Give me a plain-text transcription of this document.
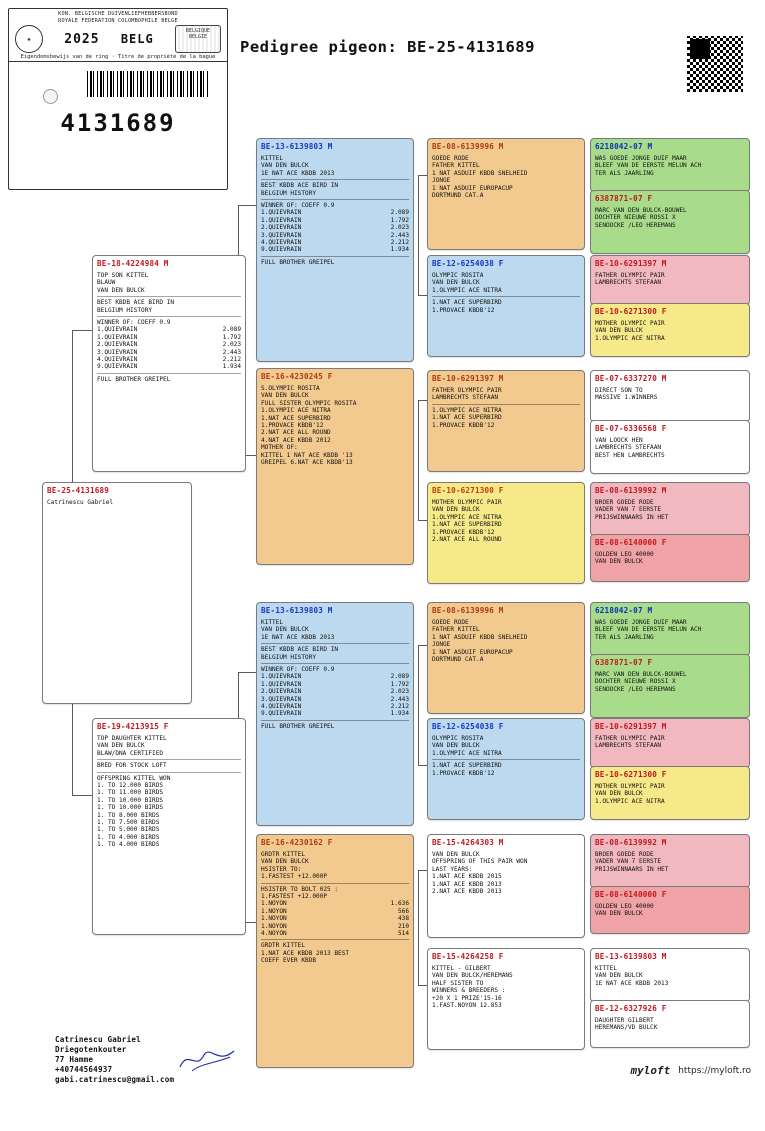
KON. BELGISCHE DUIVENLIEFHEBBERSBOND
ROYALE FEDERATION COLOMBOPHILE BELGE
★	2025 BELG
BELGIQUE
BELGIE
Eigendomsbewijs van de ring · Titre de propriété de la bague
4131689
Pedigree pigeon: BE-25-4131689
BE-25-4131689
Catrinescu Gabriel
BE-18-4224984 M
TOP SON KITTEL
BLAUW
VAN DEN BULCK
BEST KBDB ACE BIRD IN
BELGIUM HISTORY
WINNER OF: COEFF 0.9
1.QUIEVRAIN	2.089
1.QUIEVRAIN	1.792
2.QUIEVRAIN	2.023
3.QUIEVRAIN	2.443
4.QUIEVRAIN	2.212
9.QUIEVRAIN	1.934
FULL BROTHER GREIPEL
BE-19-4213915 F
TOP DAUGHTER KITTEL
VAN DEN BULCK
BLAW/DNA CERTIFIED
BRED FOR STOCK LOFT
OFFSPRING KITTEL WON
1. TO 12.000 BIRDS
1. TO 11.000 BIRDS
1. TO 10.000 BIRDS
1. TO 10.000 BIRDS
1. TO 8.000 BIRDS
1. TO 7.500 BIRDS
1. TO 5.000 BIRDS
1. TO 4.000 BIRDS
1. TO 4.000 BIRDS
BE-13-6139803 M
KITTEL
VAN DEN BULCK
1E NAT ACE KBDB 2013
BEST KBDB ACE BIRD IN
BELGIUM HISTORY
WINNER OF: COEFF 0.9
1.QUIEVRAIN	2.089
1.QUIEVRAIN	1.792
2.QUIEVRAIN	2.023
3.QUIEVRAIN	2.443
4.QUIEVRAIN	2.212
9.QUIEVRAIN	1.934
FULL BROTHER GREIPEL
BE-16-4230245 F
S.OLYMPIC ROSITA
VAN DEN BULCK
FULL SISTER OLYMPIC ROSITA
1.OLYMPIC ACE NITRA
1.NAT ACE SUPERBIRD
1.PROVACE KBDB'12
2.NAT ACE ALL ROUND
4.NAT ACE KBDB 2012
MOTHER OF:
KITTEL 1 NAT ACE KBDB '13
GREIPEL 6.NAT ACE KBDB'13
BE-13-6139803 M
KITTEL
VAN DEN BULCK
1E NAT ACE KBDB 2013
BEST KBDB ACE BIRD IN
BELGIUM HISTORY
WINNER OF: COEFF 0.9
1.QUIEVRAIN	2.089
1.QUIEVRAIN	1.792
2.QUIEVRAIN	2.023
3.QUIEVRAIN	2.443
4.QUIEVRAIN	2.212
9.QUIEVRAIN	1.934
FULL BROTHER GREIPEL
BE-16-4230162 F
GRDTR KITTEL
VAN DEN BULCK
HSISTER TO:
1.FASTEST +12.000P
HSISTER TO BOLT 025 :
1.FASTEST +12.000P
1.NOYON	1.636
1.NOYON	566
1.NOYON	438
1.NOYON	210
4.NOYON	514
GRDTR KITTEL
1.NAT ACE KBDB 2013 BEST
COEFF EVER KBDB
BE-08-6139996 M
GOEDE RODE
FATHER KITTEL
1 NAT ASDUIF KBDB SNELHEID
JONGE
1 NAT ASDUIF EUROPACUP
DORTMUND CAT.A
BE-12-6254038 F
OLYMPIC ROSITA
VAN DEN BULCK
1.OLYMPIC ACE NITRA
1.NAT ACE SUPERBIRD
1.PROVACE KBDB'12
BE-10-6291397 M
FATHER OLYMPIC PAIR
LAMBRECHTS STEFAAN
1.OLYMPIC ACE NITRA
1.NAT ACE SUPERBIRD
1.PROVACE KBDB'12
BE-10-6271300 F
MOTHER OLYMPIC PAIR
VAN DEN BULCK
1.OLYMPIC ACE NITRA
1.NAT ACE SUPERBIRD
1.PROVACE KBDB'12
2.NAT ACE ALL ROUND
BE-08-6139996 M
GOEDE RODE
FATHER KITTEL
1 NAT ASDUIF KBDB SNELHEID
JONGE
1 NAT ASDUIF EUROPACUP
DORTMUND CAT.A
BE-12-6254038 F
OLYMPIC ROSITA
VAN DEN BULCK
1.OLYMPIC ACE NITRA
1.NAT ACE SUPERBIRD
1.PROVACE KBDB'12
BE-15-4264303 M
VAN DEN BULCK
OFFSPRING OF THIS PAIR WON
LAST YEARS:
1.NAT ACE KBDB 2015
1.NAT ACE KBDB 2013
2.NAT ACE KBDB 2013
BE-15-4264258 F
KITTEL - GILBERT
VAN DEN BULCK/HEREMANS
HALF SISTER TO
WINNERS & BREEDERS :
+20 X 1 PRIZE'15-16
1.FAST.NOYON 12.853
6218042-07 M
WAS GOEDE JONGE DUIF MAAR
BLEEF VAN DE EERSTE MELUN ACH
TER ALS JAARLING
6387871-07 F
MARC VAN DEN BULCK-BOUWEL
DOCHTER NIEUWE ROSSI X
SENOOCKE /LEO HEREMANS
BE-10-6291397 M
FATHER OLYMPIC PAIR
LAMBRECHTS STEFAAN
BE-10-6271300 F
MOTHER OLYMPIC PAIR
VAN DEN BULCK
1.OLYMPIC ACE NITRA
BE-07-6337270 M
DIRECT SON TO
MASSIVE 1.WINNERS
BE-07-6336568 F
VAN LOOCK HEN
LAMBRECHTS STEFAAN
BEST HEN LAMBRECHTS
BE-08-6139992 M
BROER GOEDE RODE
VADER VAN 7 EERSTE
PRIJSWINNAARS IN HET
BE-08-6140000 F
GOLDEN LEO 40000
VAN DEN BULCK
6218042-07 M
WAS GOEDE JONGE DUIF MAAR
BLEEF VAN DE EERSTE MELUN ACH
TER ALS JAARLING
6387871-07 F
MARC VAN DEN BULCK-BOUWEL
DOCHTER NIEUWE ROSSI X
SENOOCKE /LEO HEREMANS
BE-10-6291397 M
FATHER OLYMPIC PAIR
LAMBRECHTS STEFAAN
BE-10-6271300 F
MOTHER OLYMPIC PAIR
VAN DEN BULCK
1.OLYMPIC ACE NITRA
BE-08-6139992 M
BROER GOEDE RODE
VADER VAN 7 EERSTE
PRIJSWINNAARS IN HET
BE-08-6140000 F
GOLDEN LEO 40000
VAN DEN BULCK
BE-13-6139803 M
KITTEL
VAN DEN BULCK
1E NAT ACE KBDB 2013
BE-12-6327926 F
DAUGHTER GILBERT
HEREMANS/VD BULCK
Catrinescu Gabriel
Driegotenkouter
77 Hamme
+40744564937
gabi.catrinescu@gmail.com
myloft https://myloft.ro
